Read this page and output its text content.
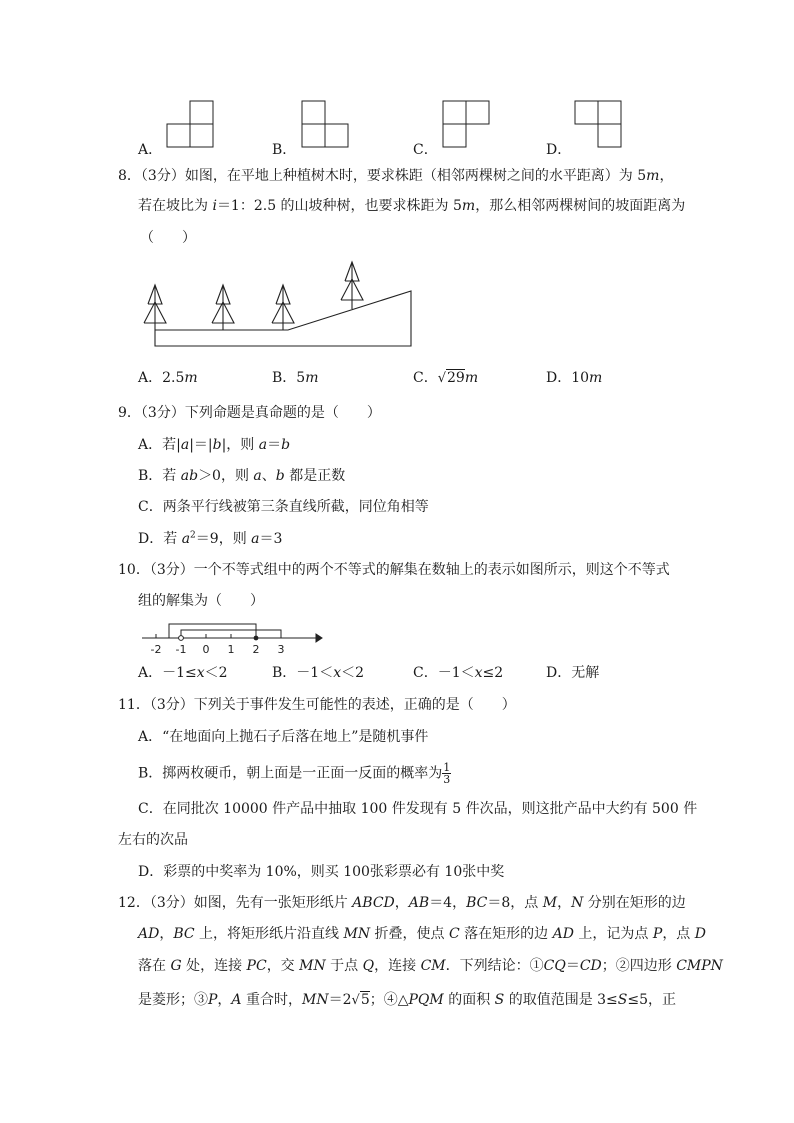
A．	B．	C．	D．
8．（3分）如图，在平地上种植树木时，要求株距（相邻两棵树之间的水平距离）为 5m，
若在坡比为 i＝1：2.5 的山坡种树，也要求株距为 5m，那么相邻两棵树间的坡面距离为
（　　）
A．2.5m	B．5m	C．√29m	D．10m
9．（3分）下列命题是真命题的是（　　）
A．若|a|＝|b|，则 a＝b
B．若 ab＞0，则 a、b 都是正数
C．两条平行线被第三条直线所截，同位角相等
D．若 $a^2=9$，则 a＝3
10．（3分）一个不等式组中的两个不等式的解集在数轴上的表示如图所示，则这个不等式
组的解集为（　　）
-2 -1 0 1 2 3
A．－1≤x＜2	B．－1＜x＜2	C．－1＜x≤2	D．无解
11．（3分）下列关于事件发生可能性的表述，正确的是（　　）
A．“在地面向上抛石子后落在地上”是随机事件
B．掷两枚硬币，朝上面是一正面一反面的概率为 $\frac{1}{3}$
C．在同批次 10000 件产品中抽取 100 件发现有 5 件次品，则这批产品中大约有 500 件
左右的次品
D．彩票的中奖率为 10%，则买 100张彩票必有 10张中奖
12．（3分）如图，先有一张矩形纸片 ABCD，AB＝4，BC＝8，点 M，N 分别在矩形的边
AD，BC 上，将矩形纸片沿直线 MN 折叠，使点 C 落在矩形的边 AD 上，记为点 P，点 D
落在 G 处，连接 PC，交 MN 于点 Q，连接 CM．下列结论：①CQ＝CD；②四边形 CMPN
是菱形；③P，A 重合时，MN＝2√5；④△PQM 的面积 S 的取值范围是 3≤S≤5，正
